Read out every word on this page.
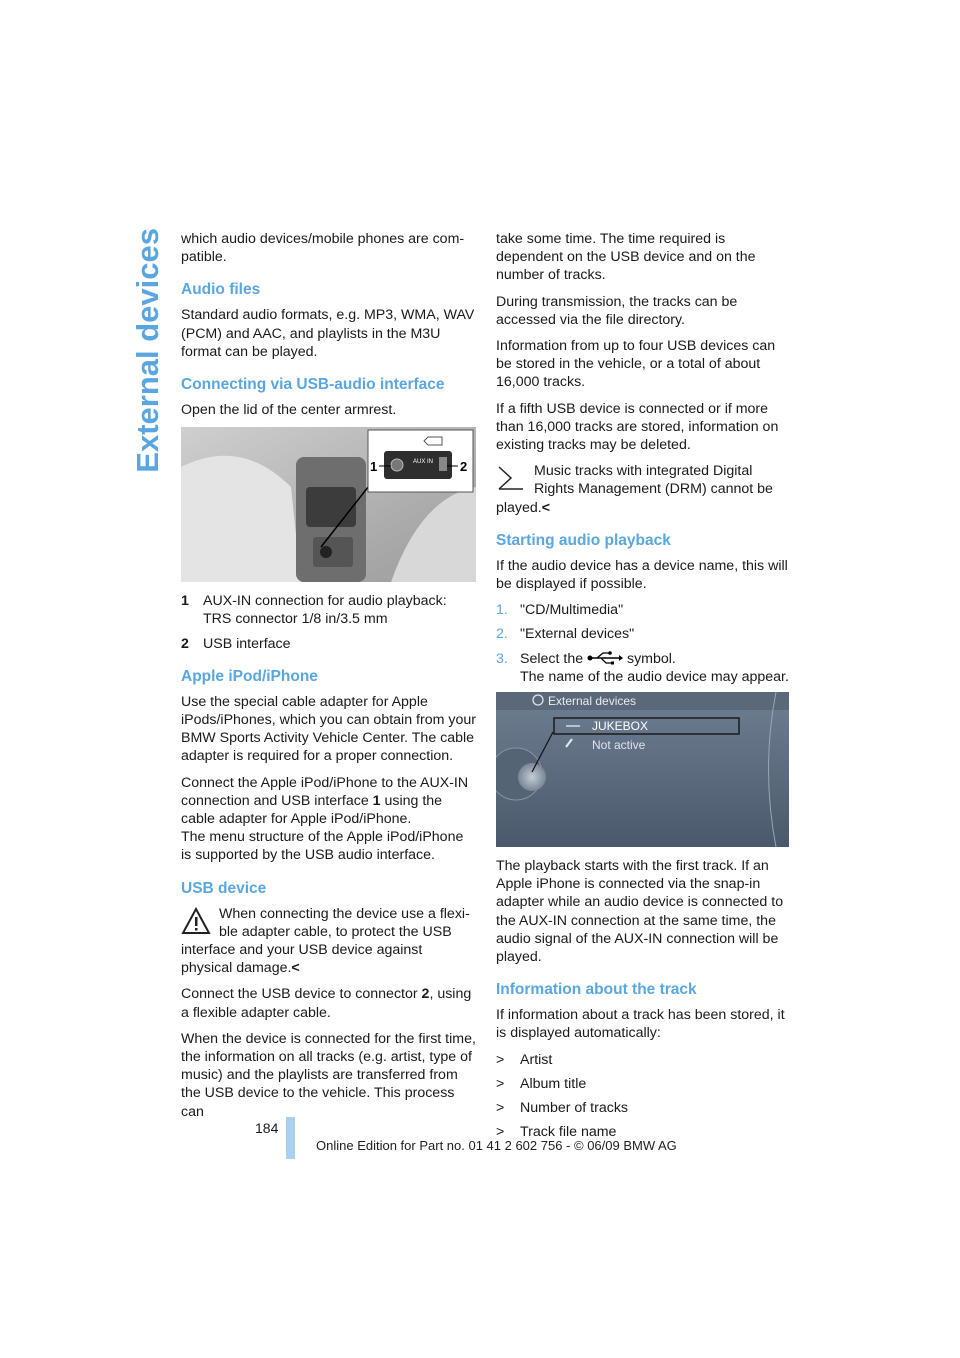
External devices which audio devices/mobile phones are compatible.

Audio files

Standard audio formats, e.g. MP3, WMA, WAV (PCM) and AAC, and playlists in the M3U format can be played.

Connecting via USB-audio interface

Open the lid of the center armrest.

AUX IN
1	2
1 AUX-IN connection for audio playback: TRS connector 1/8 in/3.5 mm
2 USB interface
Apple iPod/iPhone

Use the special cable adapter for Apple iPods/iPhones, which you can obtain from your BMW Sports Activity Vehicle Center. The cable adapter is required for a proper connection.

Connect the Apple iPod/iPhone to the AUX-IN connection and USB interface 1 using the cable adapter for Apple iPod/iPhone.
The menu structure of the Apple iPod/iPhone is supported by the USB audio interface.

USB device

When connecting the device use a flexible adapter cable, to protect the USB

interface and your USB device against physical damage.<

Connect the USB device to connector 2, using a flexible adapter cable.

When the device is connected for the first time, the information on all tracks (e.g. artist, type of music) and the playlists are transferred from the USB device to the vehicle. This process can

take some time. The time required is dependent on the USB device and on the number of tracks.

During transmission, the tracks can be accessed via the file directory.

Information from up to four USB devices can be stored in the vehicle, or a total of about 16,000 tracks.

If a fifth USB device is connected or if more than 16,000 tracks are stored, information on existing tracks may be deleted.

Music tracks with integrated Digital Rights Management (DRM) cannot be

played.<

Starting audio playback

If the audio device has a device name, this will be displayed if possible.

1. "CD/Multimedia"
2. "External devices"
3. Select the	symbol.
The name of the audio device may appear.
External devices
JUKEBOX
Not active

The playback starts with the first track. If an Apple iPhone is connected via the snap-in adapter while an audio device is connected to the AUX-IN connection at the same time, the audio signal of the AUX-IN connection will be played.

Information about the track

If information about a track has been stored, it is displayed automatically:

>	Artist
>	Album title
>	Number of tracks
>	Track file name
184
Online Edition for Part no. 01 41 2 602 756 - © 06/09 BMW AG
